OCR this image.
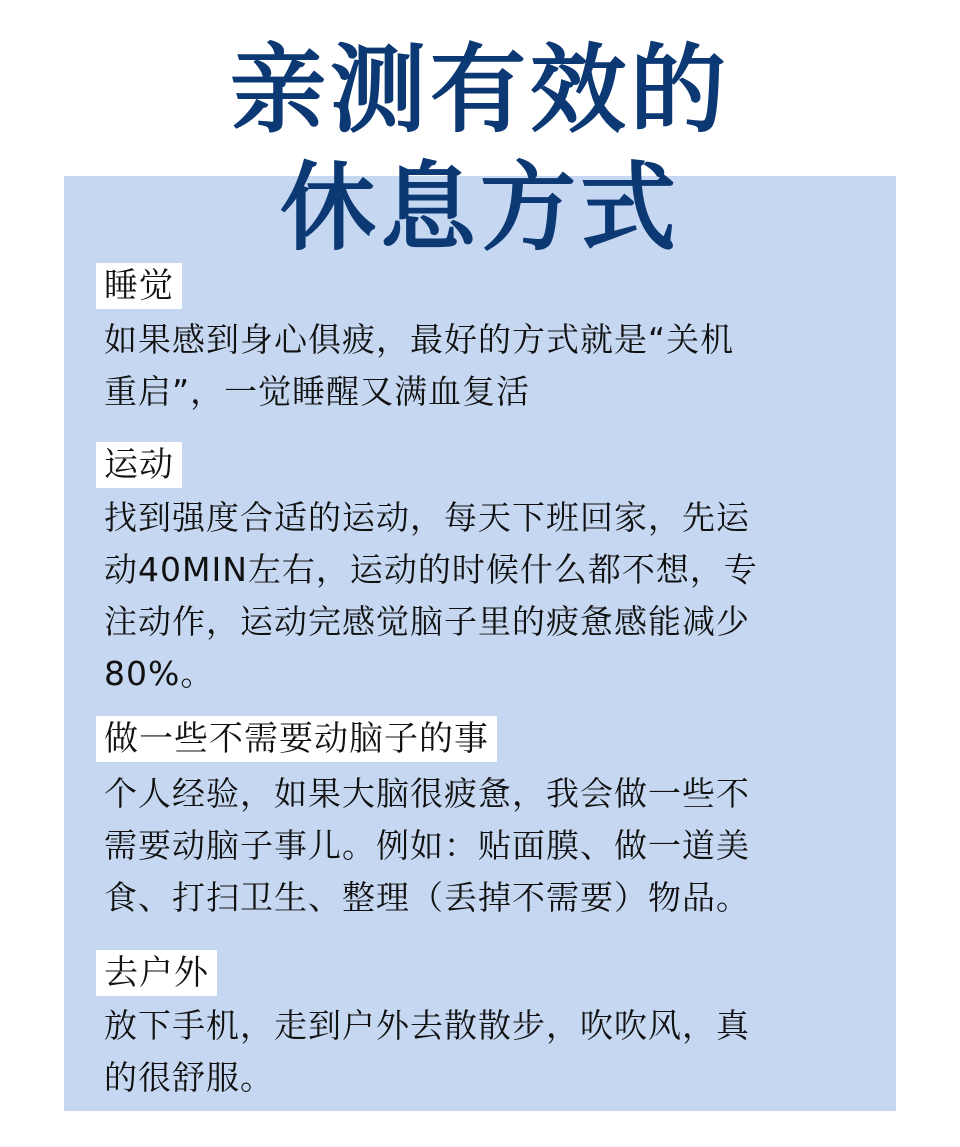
亲测有效的
休息方式
睡觉
如果感到身心俱疲，最好的方式就是“关机
重启”，一觉睡醒又满血复活
运动
找到强度合适的运动，每天下班回家，先运
动40MIN左右，运动的时候什么都不想，专
注动作，运动完感觉脑子里的疲惫感能减少
80%。
做一些不需要动脑子的事
个人经验，如果大脑很疲惫，我会做一些不
需要动脑子事儿。例如：贴面膜、做一道美
食、打扫卫生、整理（丢掉不需要）物品。
去户外
放下手机，走到户外去散散步，吹吹风，真
的很舒服。
